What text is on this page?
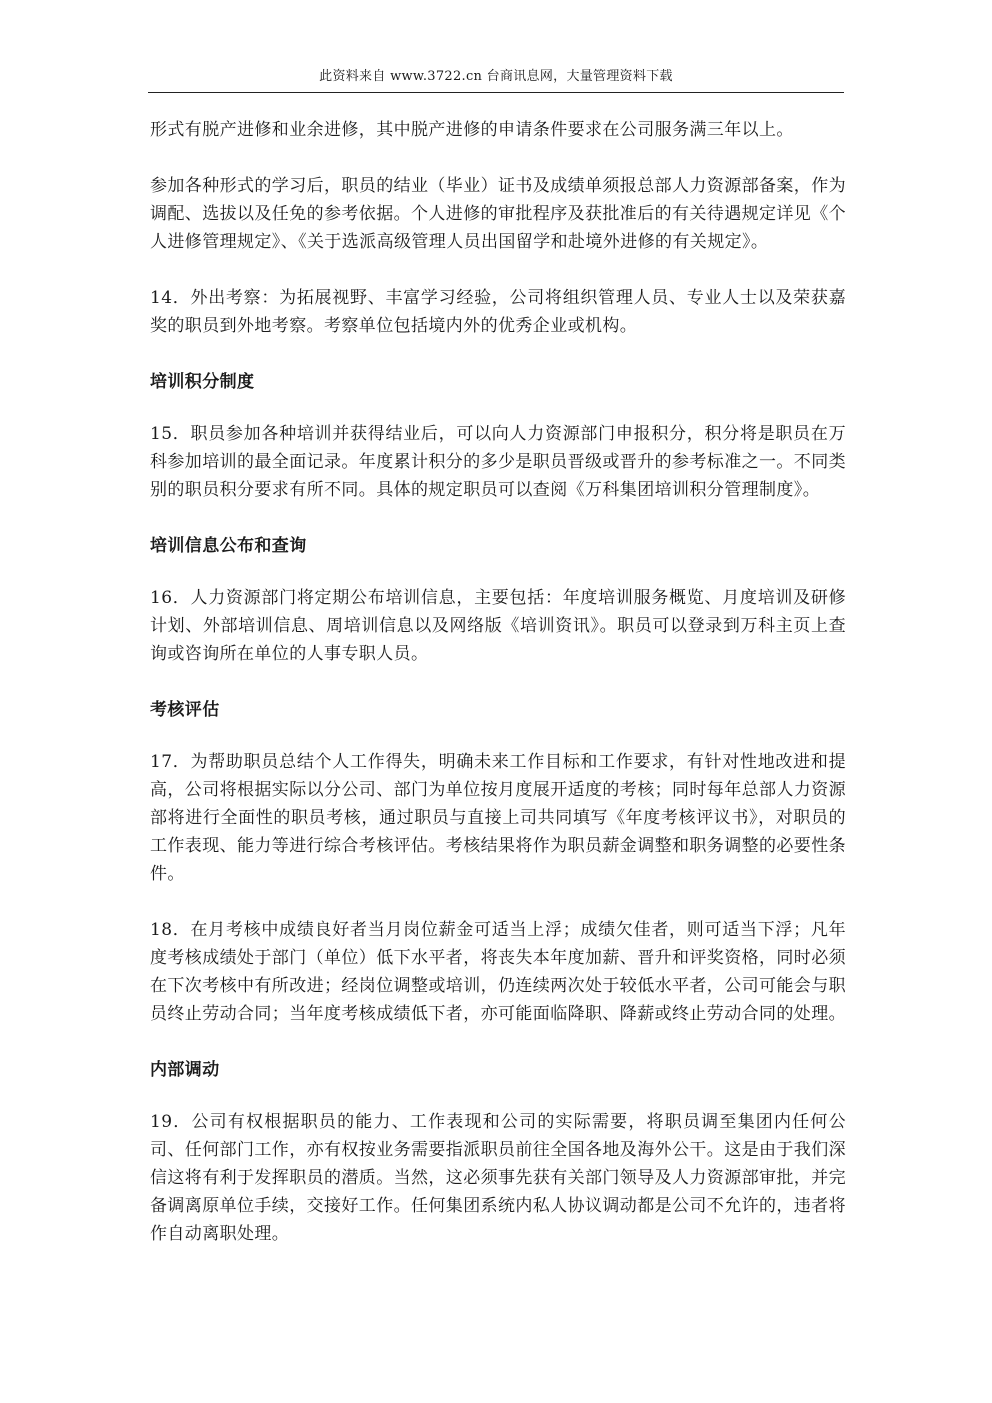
此资料来自 www.3722.cn 台商讯息网，大量管理资料下载

形式有脱产进修和业余进修，其中脱产进修的申请条件要求在公司服务满三年以上。

参加各种形式的学习后，职员的结业（毕业）证书及成绩单须报总部人力资源部备案，作为调配、选拔以及任免的参考依据。个人进修的审批程序及获批准后的有关待遇规定详见《个人进修管理规定》、《关于选派高级管理人员出国留学和赴境外进修的有关规定》。

14．外出考察：为拓展视野、丰富学习经验，公司将组织管理人员、专业人士以及荣获嘉奖的职员到外地考察。考察单位包括境内外的优秀企业或机构。

培训积分制度

15．职员参加各种培训并获得结业后，可以向人力资源部门申报积分，积分将是职员在万科参加培训的最全面记录。年度累计积分的多少是职员晋级或晋升的参考标准之一。不同类别的职员积分要求有所不同。具体的规定职员可以查阅《万科集团培训积分管理制度》。

培训信息公布和查询

16．人力资源部门将定期公布培训信息，主要包括：年度培训服务概览、月度培训及研修计划、外部培训信息、周培训信息以及网络版《培训资讯》。职员可以登录到万科主页上查询或咨询所在单位的人事专职人员。

考核评估

17．为帮助职员总结个人工作得失，明确未来工作目标和工作要求，有针对性地改进和提高，公司将根据实际以分公司、部门为单位按月度展开适度的考核；同时每年总部人力资源部将进行全面性的职员考核，通过职员与直接上司共同填写《年度考核评议书》，对职员的工作表现、能力等进行综合考核评估。考核结果将作为职员薪金调整和职务调整的必要性条件。

18．在月考核中成绩良好者当月岗位薪金可适当上浮；成绩欠佳者，则可适当下浮；凡年度考核成绩处于部门（单位）低下水平者，将丧失本年度加薪、晋升和评奖资格，同时必须在下次考核中有所改进；经岗位调整或培训，仍连续两次处于较低水平者，公司可能会与职员终止劳动合同；当年度考核成绩低下者，亦可能面临降职、降薪或终止劳动合同的处理。

内部调动

19．公司有权根据职员的能力、工作表现和公司的实际需要，将职员调至集团内任何公司、任何部门工作，亦有权按业务需要指派职员前往全国各地及海外公干。这是由于我们深信这将有利于发挥职员的潜质。当然，这必须事先获有关部门领导及人力资源部审批，并完备调离原单位手续，交接好工作。任何集团系统内私人协议调动都是公司不允许的，违者将作自动离职处理。
